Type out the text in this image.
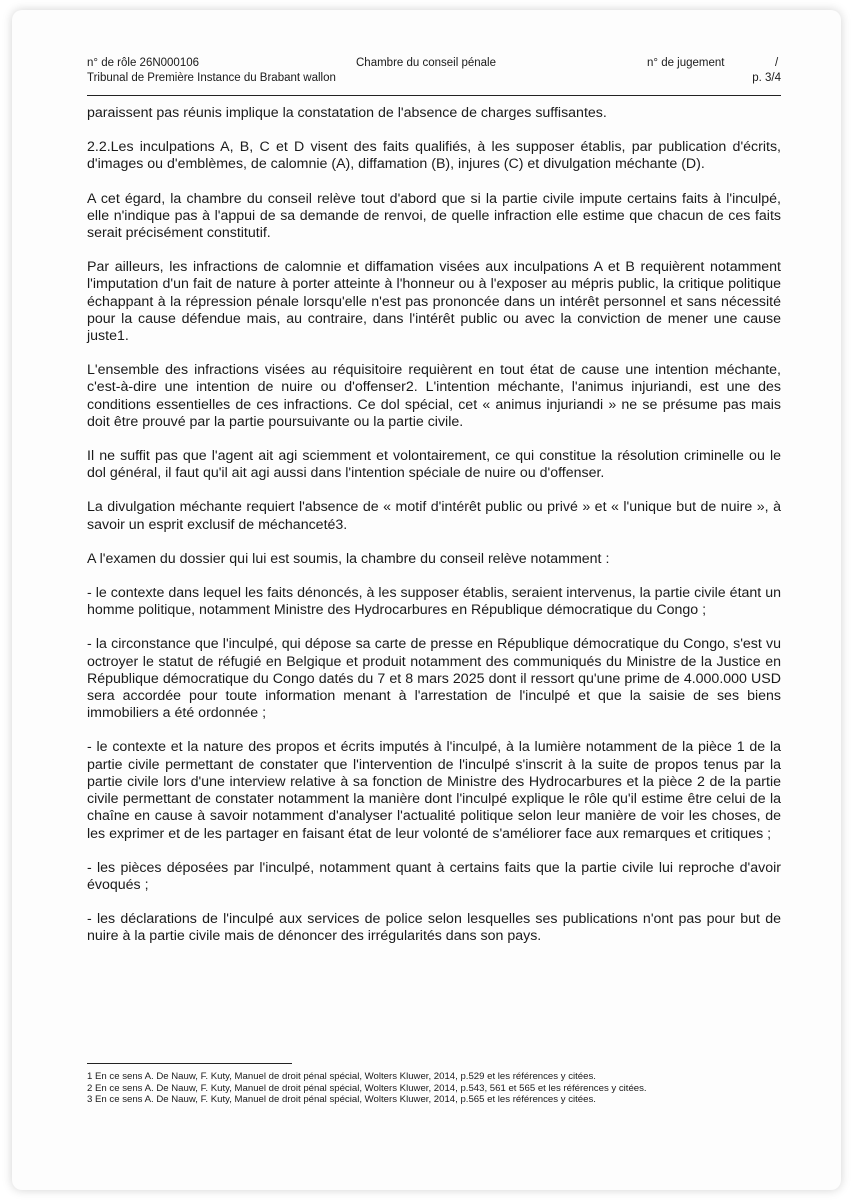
n° de rôle 26N000106	Chambre du conseil pénale	n° de jugement	/
Tribunal de Première Instance du Brabant wallon	p. 3/4

paraissent pas réunis implique la constatation de l'absence de charges suffisantes.

2.2.Les inculpations A, B, C et D visent des faits qualifiés, à les supposer établis, par publication d'écrits, d'images ou d'emblèmes, de calomnie (A), diffamation (B), injures (C) et divulgation méchante (D).

A cet égard, la chambre du conseil relève tout d'abord que si la partie civile impute certains faits à l'inculpé, elle n'indique pas à l'appui de sa demande de renvoi, de quelle infraction elle estime que chacun de ces faits serait précisément constitutif.

Par ailleurs, les infractions de calomnie et diffamation visées aux inculpations A et B requièrent notamment l'imputation d'un fait de nature à porter atteinte à l'honneur ou à l'exposer au mépris public, la critique politique échappant à la répression pénale lorsqu'elle n'est pas prononcée dans un intérêt personnel et sans nécessité pour la cause défendue mais, au contraire, dans l'intérêt public ou avec la conviction de mener une cause juste1.

L'ensemble des infractions visées au réquisitoire requièrent en tout état de cause une intention méchante, c'est-à-dire une intention de nuire ou d'offenser2. L'intention méchante, l'animus injuriandi, est une des conditions essentielles de ces infractions. Ce dol spécial, cet « animus injuriandi » ne se présume pas mais doit être prouvé par la partie poursuivante ou la partie civile.

Il ne suffit pas que l'agent ait agi sciemment et volontairement, ce qui constitue la résolution criminelle ou le dol général, il faut qu'il ait agi aussi dans l'intention spéciale de nuire ou d'offenser.

La divulgation méchante requiert l'absence de « motif d'intérêt public ou privé » et « l'unique but de nuire », à savoir un esprit exclusif de méchanceté3.

A l'examen du dossier qui lui est soumis, la chambre du conseil relève notamment :

- le contexte dans lequel les faits dénoncés, à les supposer établis, seraient intervenus, la partie civile étant un homme politique, notamment Ministre des Hydrocarbures en République démocratique du Congo ;

- la circonstance que l'inculpé, qui dépose sa carte de presse en République démocratique du Congo, s'est vu octroyer le statut de réfugié en Belgique et produit notamment des communiqués du Ministre de la Justice en République démocratique du Congo datés du 7 et 8 mars 2025 dont il ressort qu'une prime de 4.000.000 USD sera accordée pour toute information menant à l'arrestation de l'inculpé et que la saisie de ses biens immobiliers a été ordonnée ;

- le contexte et la nature des propos et écrits imputés à l'inculpé, à la lumière notamment de la pièce 1 de la partie civile permettant de constater que l'intervention de l'inculpé s'inscrit à la suite de propos tenus par la partie civile lors d'une interview relative à sa fonction de Ministre des Hydrocarbures et la pièce 2 de la partie civile permettant de constater notamment la manière dont l'inculpé explique le rôle qu'il estime être celui de la chaîne en cause à savoir notamment d'analyser l'actualité politique selon leur manière de voir les choses, de les exprimer et de les partager en faisant état de leur volonté de s'améliorer face aux remarques et critiques ;

- les pièces déposées par l'inculpé, notamment quant à certains faits que la partie civile lui reproche d'avoir évoqués ;

- les déclarations de l'inculpé aux services de police selon lesquelles ses publications n'ont pas pour but de nuire à la partie civile mais de dénoncer des irrégularités dans son pays.

1 En ce sens A. De Nauw, F. Kuty, Manuel de droit pénal spécial, Wolters Kluwer, 2014, p.529 et les références y citées.
2 En ce sens A. De Nauw, F. Kuty, Manuel de droit pénal spécial, Wolters Kluwer, 2014, p.543, 561 et 565 et les références y citées.
3 En ce sens A. De Nauw, F. Kuty, Manuel de droit pénal spécial, Wolters Kluwer, 2014, p.565 et les références y citées.
